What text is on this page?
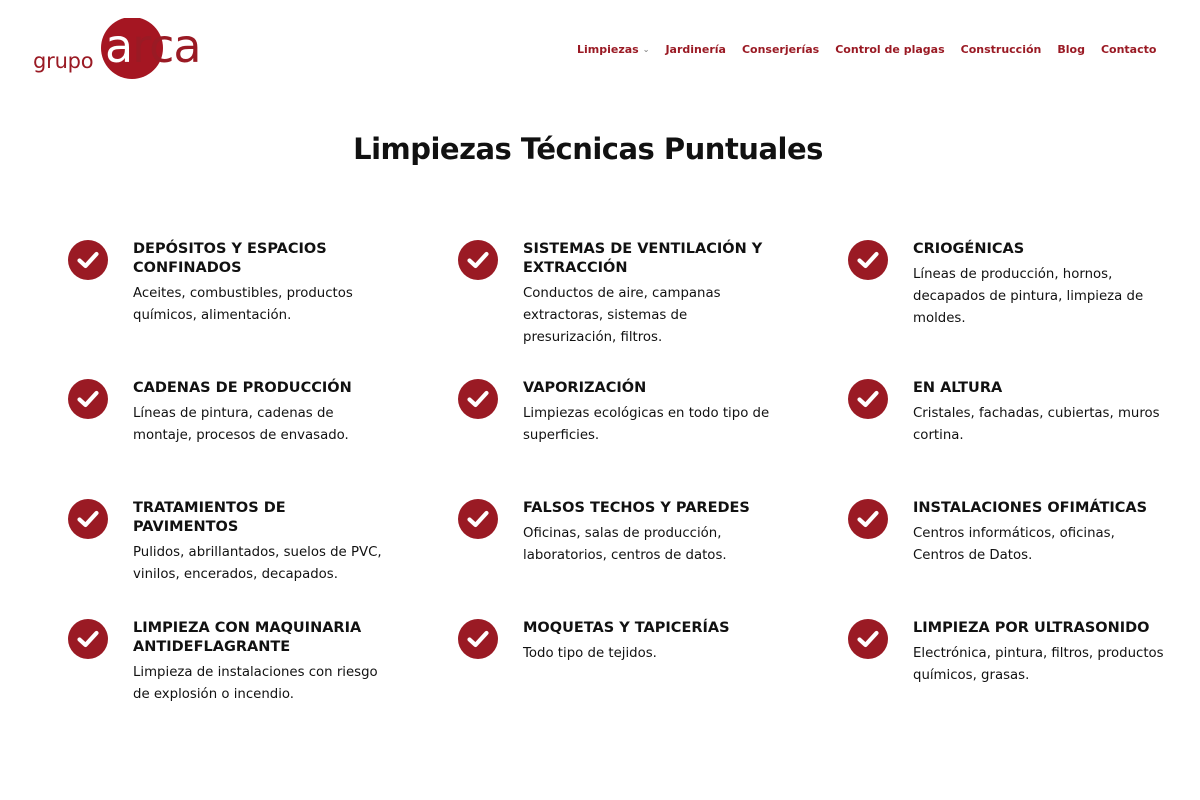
grupo arca	Limpiezas ⌄ Jardinería Conserjerías Control de plagas Construcción Blog Contacto
Limpiezas Técnicas Puntuales
DEPÓSITOS Y ESPACIOS CONFINADOS
Aceites, combustibles, productos químicos, alimentación.
SISTEMAS DE VENTILACIÓN Y EXTRACCIÓN
Conductos de aire, campanas extractoras, sistemas de presurización, filtros.
CRIOGÉNICAS
Líneas de producción, hornos, decapados de pintura, limpieza de moldes.
CADENAS DE PRODUCCIÓN
Líneas de pintura, cadenas de montaje, procesos de envasado.
VAPORIZACIÓN
Limpiezas ecológicas en todo tipo de superficies.
EN ALTURA
Cristales, fachadas, cubiertas, muros cortina.
TRATAMIENTOS DE PAVIMENTOS
Pulidos, abrillantados, suelos de PVC, vinilos, encerados, decapados.
FALSOS TECHOS Y PAREDES
Oficinas, salas de producción, laboratorios, centros de datos.
INSTALACIONES OFIMÁTICAS
Centros informáticos, oficinas, Centros de Datos.
LIMPIEZA CON MAQUINARIA ANTIDEFLAGRANTE
Limpieza de instalaciones con riesgo de explosión o incendio.
MOQUETAS Y TAPICERÍAS
Todo tipo de tejidos.
LIMPIEZA POR ULTRASONIDO
Electrónica, pintura, filtros, productos químicos, grasas.
